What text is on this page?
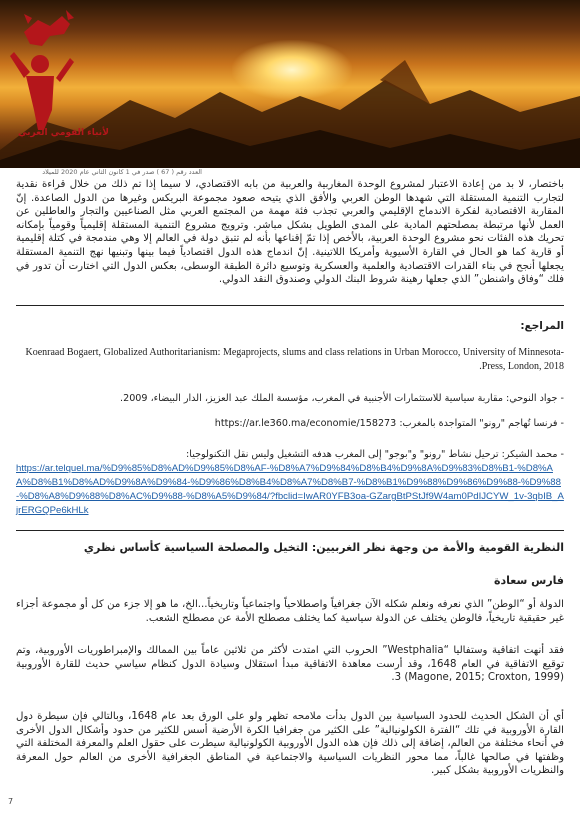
لأنباء القومي العربي
العدد رقم ( 67 ) صدر في 1 كانون الثاني عام 2020 للميلاد
باختصار، لا بد من إعادة الاعتبار لمشروع الوحدة المغاربية والعربية من بابه الاقتصادي، لا سيما إذا تم ذلك من خلال قراءة نقدية لتجارب التنمية المستقلة التي شهدها الوطن العربي والأفق الذي يتيحه صعود مجموعة البريكس وغيرها من الدول الصاعدة. إنّ المقاربة الاقتصادية لفكرة الاندماج الإقليمي والعربي تجذب فئة مهمة من المجتمع العربي مثل الصناعيين والتجار والعاطلين عن العمل لأنها مرتبطة بمصلحتهم المادية على المدى الطويل بشكل مباشر. وترويج مشروع التنمية المستقلة إقليمياً وقومياً بإمكانه تحريك هذه الفئات نحو مشروع الوحدة العربية، بالأخص إذا تمّ إقناعها بأنه لم تتبق دولة في العالم إلا وهي مندمجة في كتلة إقليمية أو قارية كما هو الحال في القارة الأسيوية وأمريكا اللاتينية. إنّ اندماج هذه الدول اقتصادياً فيما بينها وتبنيها نهج التنمية المستقلة يجعلها أنجح في بناء القدرات الاقتصادية والعلمية والعسكرية وتوسيع دائرة الطبقة الوسطى، بعكس الدول التي اختارت أن تدور في فلك “وفاق واشنطن” الذي جعلها رهينة شروط البنك الدولي وصندوق النقد الدولي.
المراجع:
-Koenraad Bogaert, Globalized Authoritarianism: Megaprojects, slums and class relations in Urban Morocco, University of Minnesota Press, London, 2018.
- جواد النوحي: مقاربة سياسية للاستثمارات الأجنبية في المغرب، مؤسسة الملك عبد العزيز، الدار البيضاء، 2009.
- فرنسا تُهاجم "رونو" المتواجدة بالمغرب: https://ar.le360.ma/economie/158273
- محمد الشيكر: ترحيل نشاط "رونو" و"بوجو" إلى المغرب هدفه التشغيل وليس نقل التكنولوجيا:
https://ar.telquel.ma/%D9%85%D8%AD%D9%85%D8%AF-%D8%A7%D9%84%D8%B4%D9%8A%D9%83%D8%B1-%D8%AA%D8%B1%D8%AD%D9%8A%D9%84-%D9%86%D8%B4%D8%A7%D8%B7-%D8%B1%D9%88%D9%86%D9%88-%D9%88-%D8%A8%D9%88%D8%AC%D9%88-%D8%A5%D9%84/?fbclid=IwAR0YFB3oa-GZargBtPStJf9W4am0PdIJCYW_1v-3qbIB_AjrERGQPe6kHLk
النظرية القومية والأمة من وجهة نظر الغربيين: التخيل والمصلحة السياسية كأساس نظري
فارس سعادة
الدولة أو “الوطن” الذي نعرفه ونعلم شكله الآن جغرافياً واصطلاحياً واجتماعياً وتاريخياً...الخ، ما هو إلا جزء من كل أو مجموعة أجزاء غير حقيقية تاريخياً، فالوطن يختلف عن الدولة سياسية كما يختلف مصطلح الأمة عن مصطلح الشعب.
فقد أنهت اتفاقية وستفاليا “Westphalia” الحروب التي امتدت لأكثر من ثلاثين عاماً بين الممالك والإمبراطوريات الأوروبية، وتم توقيع الاتفاقية في العام 1648، وقد أرست معاهدة الاتفاقية مبدأ استقلال وسيادة الدول كنظام سياسي حديث للقارة الأوروبية (Magone, 2015; Croxton, 1999) 3.
أي أن الشكل الحديث للحدود السياسية بين الدول بدأت ملامحه تظهر ولو على الورق بعد عام 1648، وبالتالي فإن سيطرة دول القارة الأوروبية في تلك “الفترة الكولونيالية” على الكثير من جغرافيا الكرة الأرضية أسس للكثير من حدود وأشكال الدول الأخرى في أنحاء مختلفة من العالم، إضافة إلى ذلك فإن هذه الدول الأوروبية الكولونيالية سيطرت على حقول العلم والمعرفة المختلفة التي وظفتها في صالحها غالباً، مما محور النظريات السياسية والاجتماعية في المناطق الجغرافية الأخرى من العالم حول المعرفة والنظريات الأوروبية بشكل كبير.
7
